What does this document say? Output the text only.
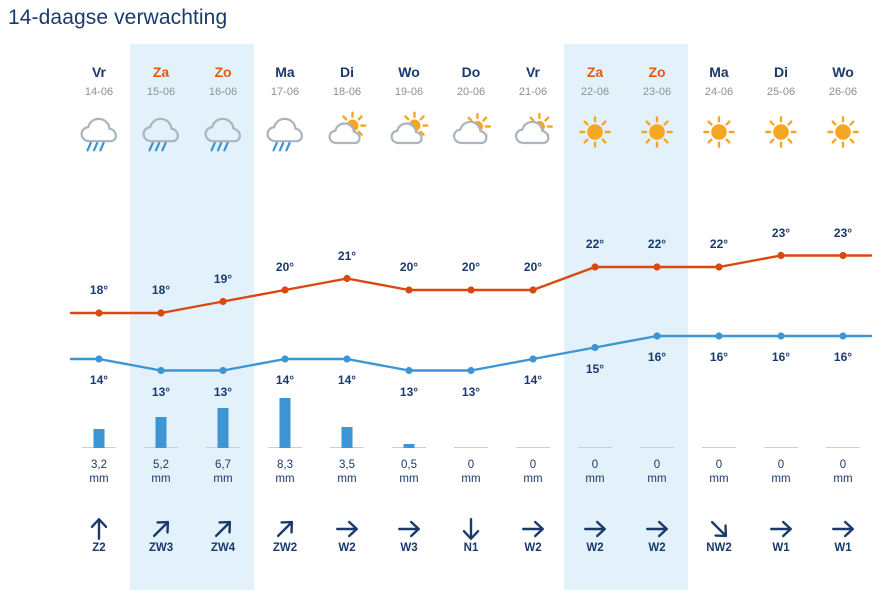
14-daagse verwachting
Vr
14-06
18°
14°
3,2
mm
Z2
Za
15-06
18°
13°
5,2
mm
ZW3
Zo
16-06
19°
13°
6,7
mm
ZW4
Ma
17-06
20°
14°
8,3
mm
ZW2
Di
18-06
21°
14°
3,5
mm
W2
Wo
19-06
20°
13°
0,5
mm
W3
Do
20-06
20°
13°
0
mm
N1
Vr
21-06
20°
14°
0
mm
W2
Za
22-06
22°
15°
0
mm
W2
Zo
23-06
22°
16°
0
mm
W2
Ma
24-06
22°
16°
0
mm
NW2
Di
25-06
23°
16°
0
mm
W1
Wo
26-06
23°
16°
0
mm
W1
